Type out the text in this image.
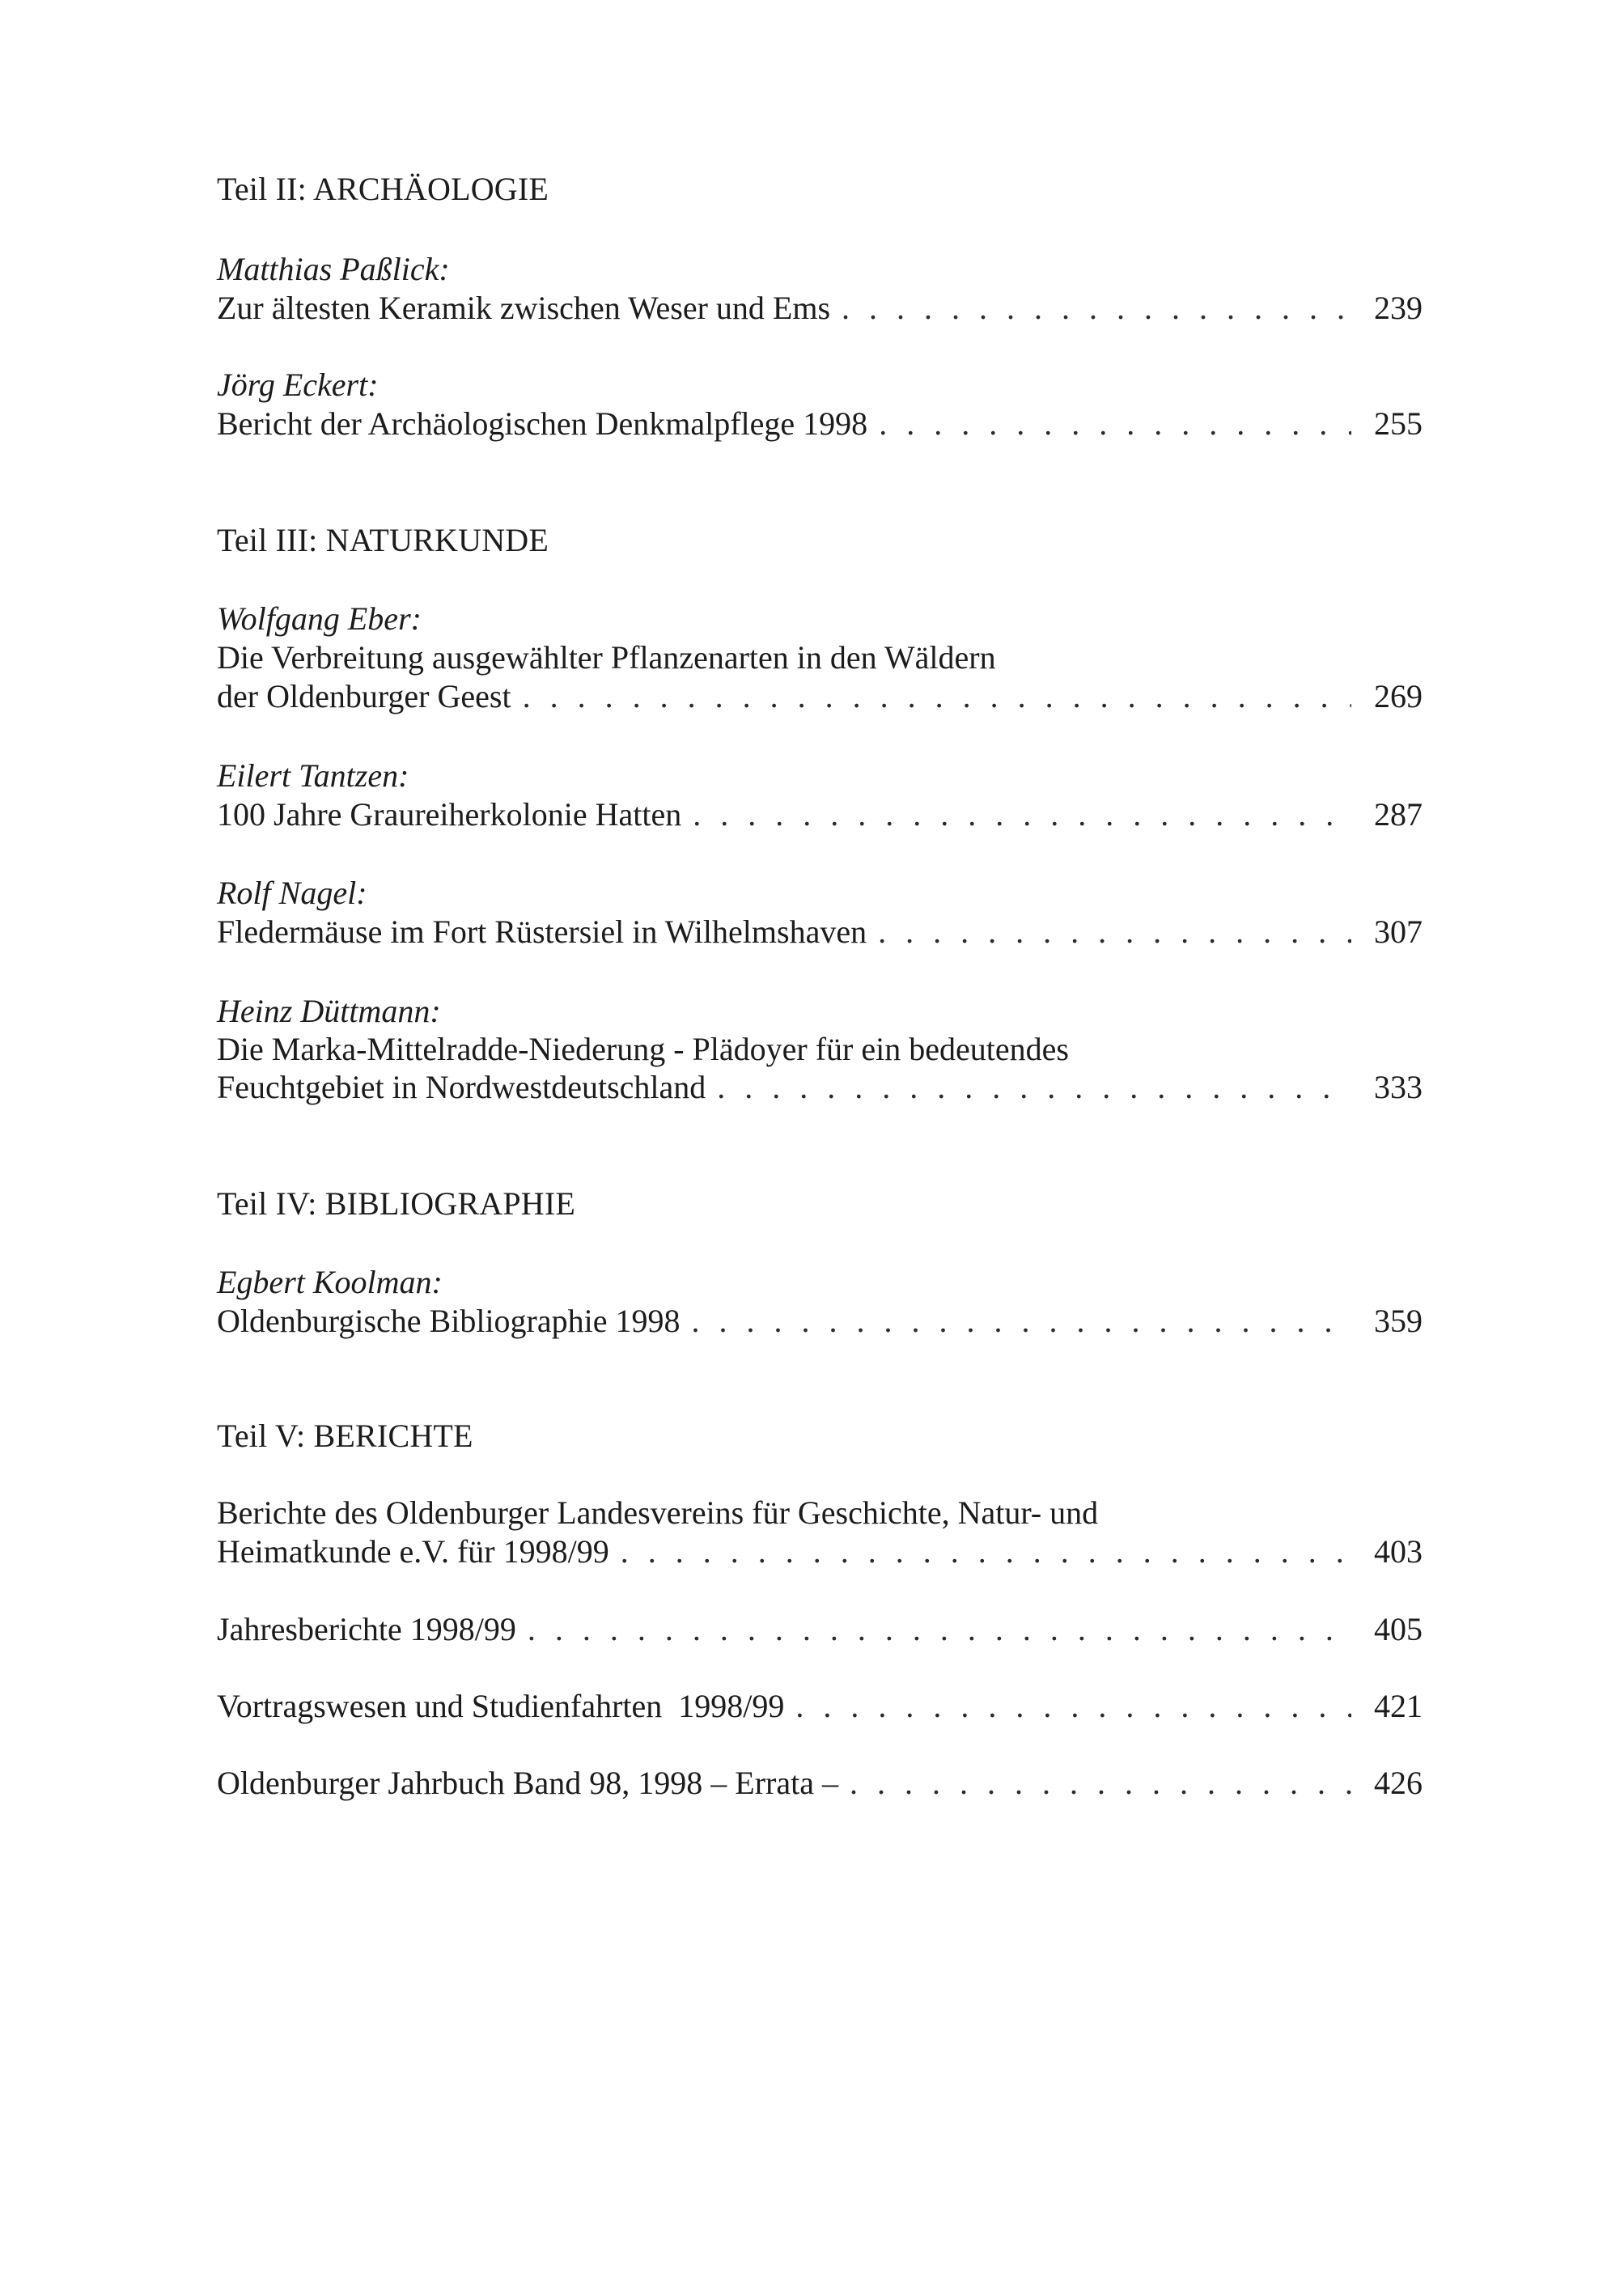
Teil II: ARCHÄOLOGIE
Matthias Paßlick:
Zur ältesten Keramik zwischen Weser und Ems . . .	239
Jörg Eckert:
Bericht der Archäologischen Denkmalpflege 1998 . . .	255
Teil III: NATURKUNDE
Wolfgang Eber:
Die Verbreitung ausgewählter Pflanzenarten in den Wäldern
der Oldenburger Geest . . .	269
Eilert Tantzen:
100 Jahre Graureiherkolonie Hatten . . .	287
Rolf Nagel:
Fledermäuse im Fort Rüstersiel in Wilhelmshaven . . .	307
Heinz Düttmann:
Die Marka-Mittelradde-Niederung - Plädoyer für ein bedeutendes
Feuchtgebiet in Nordwestdeutschland . . .	333
Teil IV: BIBLIOGRAPHIE
Egbert Koolman:
Oldenburgische Bibliographie 1998 . . .	359
Teil V: BERICHTE
Berichte des Oldenburger Landesvereins für Geschichte, Natur- und
Heimatkunde e.V. für 1998/99 . . .	403
Jahresberichte 1998/99 . . .	405
Vortragswesen und Studienfahrten  1998/99 . . .	421
Oldenburger Jahrbuch Band 98, 1998 – Errata – . . .	426
